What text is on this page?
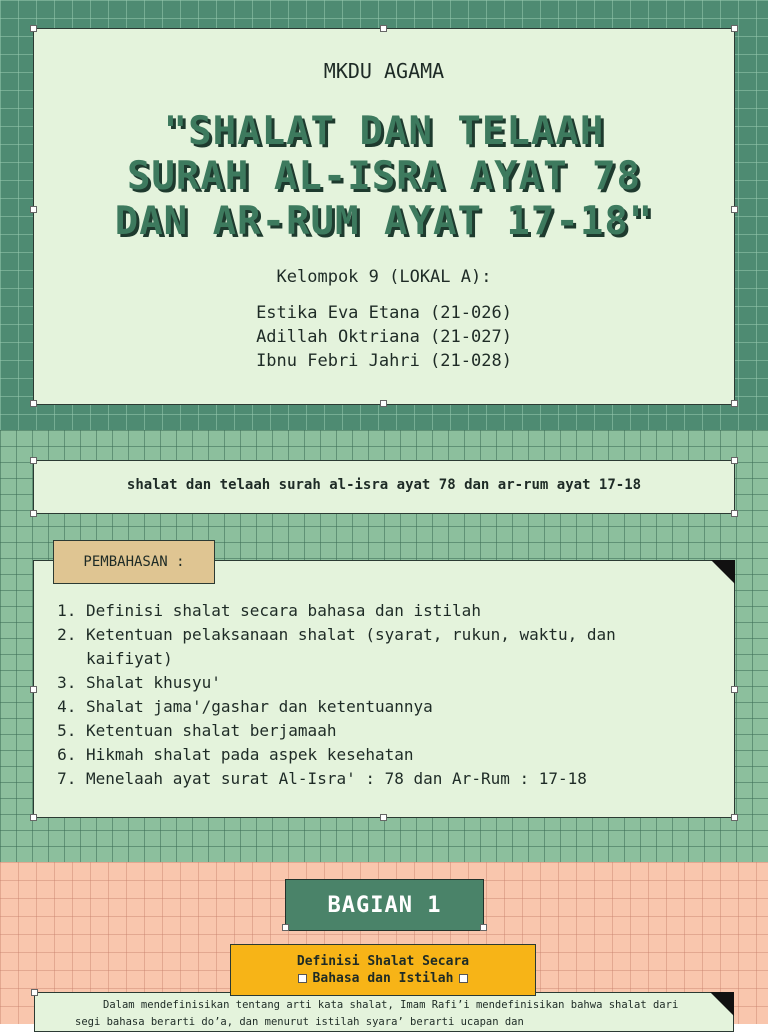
MKDU AGAMA
"SHALAT DAN TELAAH
SURAH AL-ISRA AYAT 78
DAN AR-RUM AYAT 17-18"
Kelompok 9 (LOKAL A):
Estika Eva Etana (21-026)
Adillah Oktriana (21-027)
Ibnu Febri Jahri (21-028)
shalat dan telaah surah al-isra ayat 78 dan ar-rum ayat 17-18
1. Definisi shalat secara bahasa dan istilah
2. Ketentuan pelaksanaan shalat (syarat, rukun, waktu, dan kaifiyat)
3. Shalat khusyu'
4. Shalat jama'/gashar dan ketentuannya
5. Ketentuan shalat berjamaah
6. Hikmah shalat pada aspek kesehatan
7. Menelaah ayat surat Al-Isra' : 78 dan Ar-Rum : 17-18
PEMBAHASAN :
BAGIAN 1

Dalam mendefinisikan tentang arti kata shalat, Imam Rafi’i mendefinisikan bahwa shalat dari segi bahasa berarti do’a, dan menurut istilah syara’ berarti ucapan dan

Definisi Shalat Secara
Bahasa dan Istilah
